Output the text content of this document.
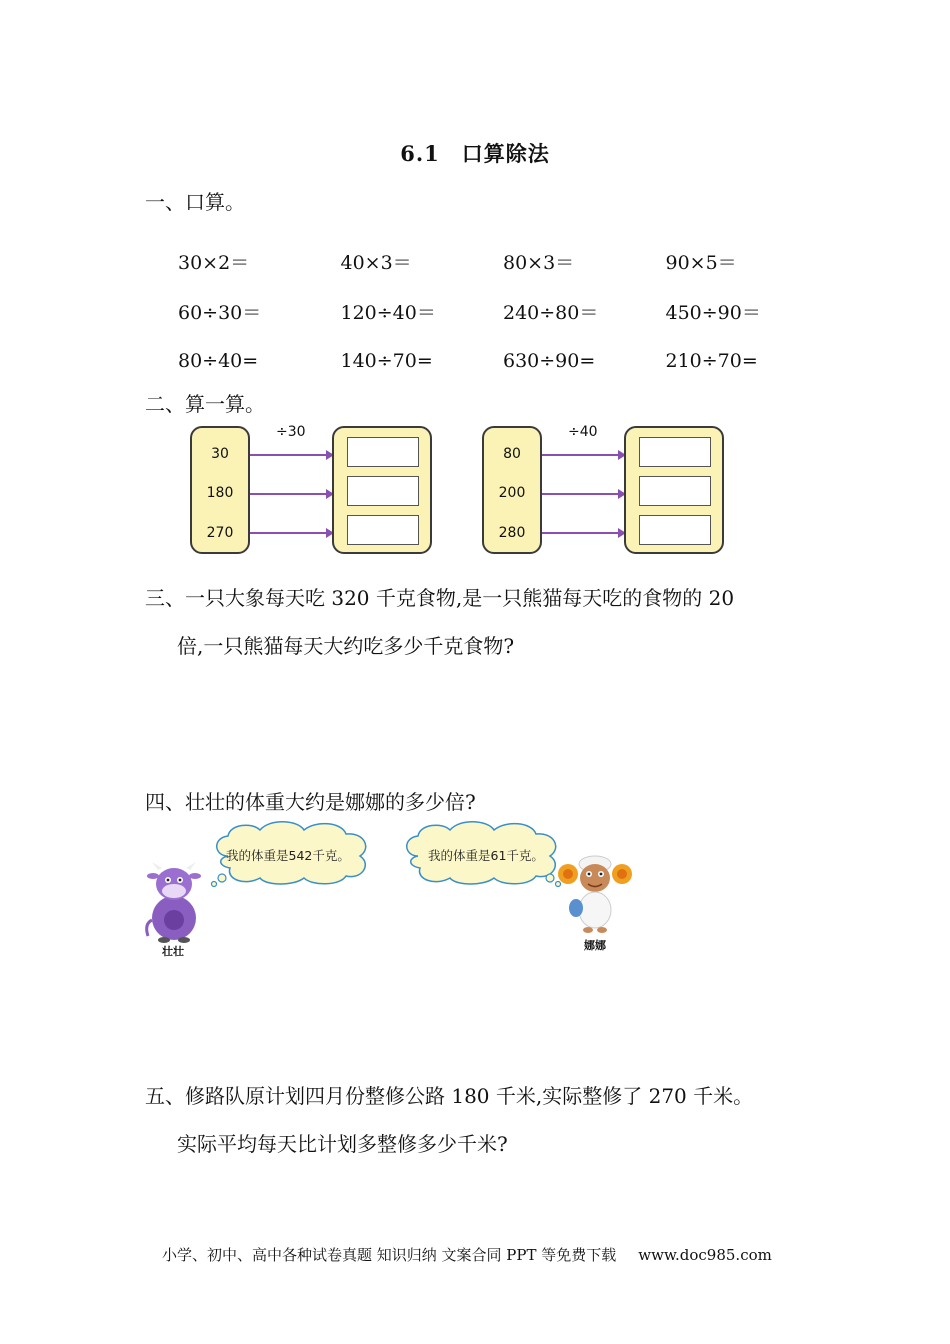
6.1　口算除法
一、口算。
30×2＝	40×3＝	80×3＝	90×5＝
60÷30＝	120÷40＝	240÷80＝	450÷90＝
80÷40=	140÷70=	630÷90=	210÷70=
二、算一算。
30
180
270
÷30
80
200
280
÷40
三、一只大象每天吃 320 千克食物,是一只熊猫每天吃的食物的 20
倍,一只熊猫每天大约吃多少千克食物?
四、壮壮的体重大约是娜娜的多少倍?
我的体重是542千克。	我的体重是61千克。
壮壮	娜娜
五、修路队原计划四月份整修公路 180 千米,实际整修了 270 千米。
实际平均每天比计划多整修多少千米?
小学、初中、高中各种试卷真题 知识归纳 文案合同 PPT 等免费下载 www.doc985.com
